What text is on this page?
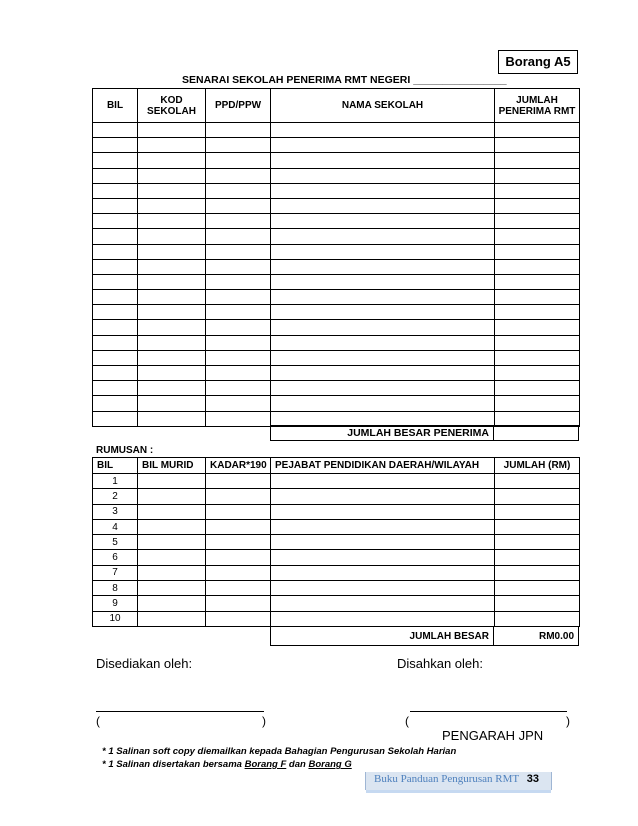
Borang A5
SENARAI SEKOLAH PENERIMA RMT NEGERI ________________
BIL	KOD SEKOLAH	PPD/PPW	NAMA SEKOLAH	JUMLAH PENERIMA RMT

JUMLAH BESAR PENERIMA
RUMUSAN :
BIL	BIL MURID	KADAR*190	PEJABAT PENDIDIKAN DAERAH/WILAYAH	JUMLAH (RM)
1				
2				
3				
4				
5				
6				
7				
8				
9				
10				
JUMLAH BESAR	RM0.00
Disediakan oleh:	Disahkan oleh:
(	)	(	)
PENGARAH JPN
* 1 Salinan soft copy diemailkan kepada Bahagian Pengurusan Sekolah Harian
* 1 Salinan disertakan bersama Borang F dan Borang G
Buku Panduan Pengurusan RMT 33
